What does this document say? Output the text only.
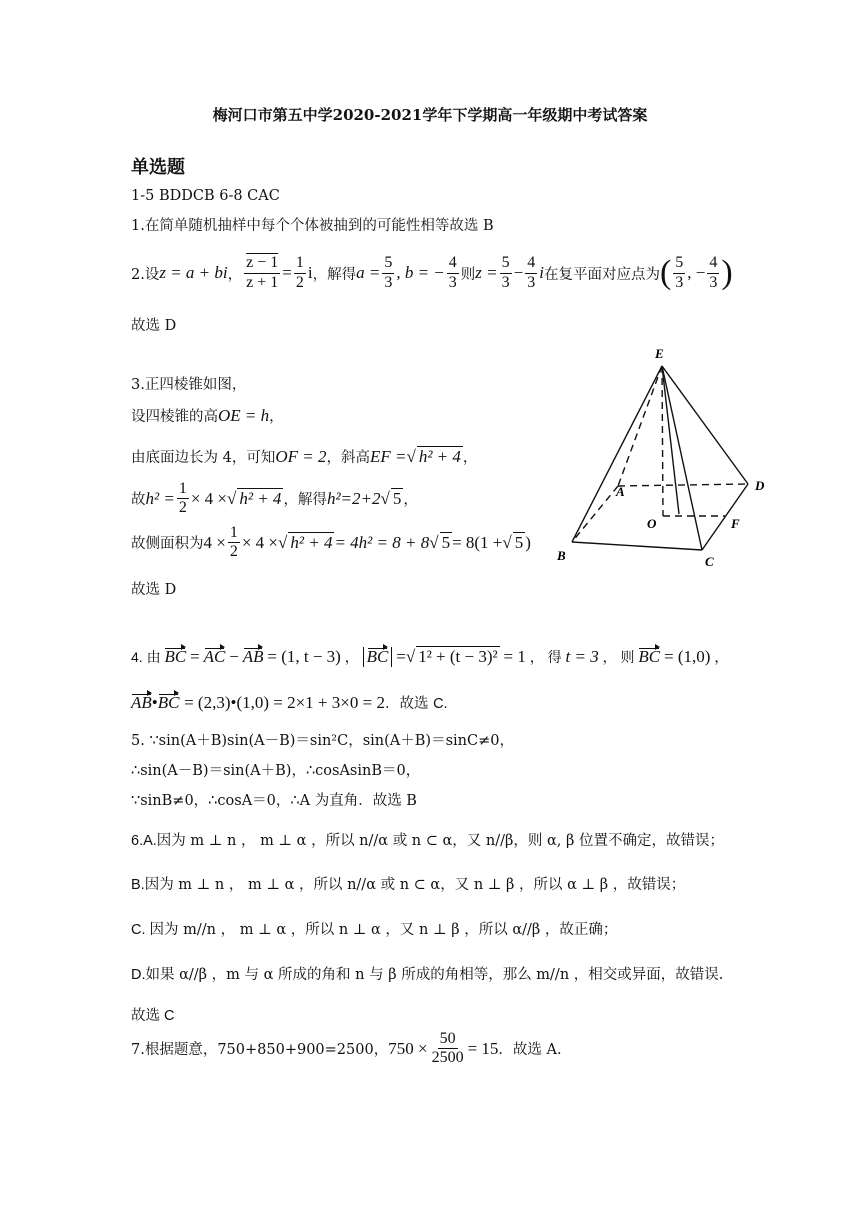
梅河口市第五中学2020-2021学年下学期高一年级期中考试答案
单选题
1-5 BDDCB 6-8 CAC
1.在简单随机抽样中每个个体被抽到的可能性相等故选 B
2.设 z = a + bi ， $\frac{z - 1}{z + 1} = \frac{1}{2}$ i ，解得 $a = \frac{5}{3}$ , b = − $\frac{4}{3}$ 则 $z = \frac{5}{3} - \frac{4}{3}$ i 在复平面对应点为 ( $\frac{5}{3}$ , − $\frac{4}{3}$ )
故选 D
3.正四棱锥如图，
设四棱锥的高OE = h，
由底面边长为 4，可知OF = 2，斜高EF =√ h² + 4 ，
故 $h^2 = \frac{1}{2} \times 4$ × √ h² + 4 ，解得 h²=2+2 √ 5 ，
故侧面积为 $4 \times \frac{1}{2} \times 4$ × √ h² + 4 = 4h² = 8 + 8 √ 5 = 8(1 + √ 5 )
故选 D
E
A	D
O	F
B	C
4. 由 BC = AC − AB = (1, t − 3) ， BC =√ 1² + (t − 3)² = 1 ， 得 t = 3 ， 则 BC = (1,0) ，
AB•BC = (2,3)•(1,0) = 2×1 + 3×0 = 2．故选 C.
5. ∵sin(A＋B)sin(A－B)＝sin²C，sin(A＋B)＝sinC≠0，
∴sin(A－B)＝sin(A＋B)，∴cosAsinB＝0，
∵sinB≠0，∴cosA＝0，∴A 为直角．故选 B
6.A.因为 m ⊥ n ， m ⊥ α ，所以 n//α 或 n ⊂ α，又 n//β，则 α, β 位置不确定，故错误；
B.因为 m ⊥ n ， m ⊥ α ，所以 n//α 或 n ⊂ α，又 n ⊥ β ，所以 α ⊥ β ，故错误；
C. 因为 m//n ， m ⊥ α ，所以 n ⊥ α ，又 n ⊥ β ，所以 α//β ，故正确；
D.如果 α//β ，m 与 α 所成的角和 n 与 β 所成的角相等，那么 m//n ，相交或异面，故错误.
故选 C
7.根据题意，750+850+900=2500， $750 \times \frac{50}{2500} = 15$ ．故选 A.
